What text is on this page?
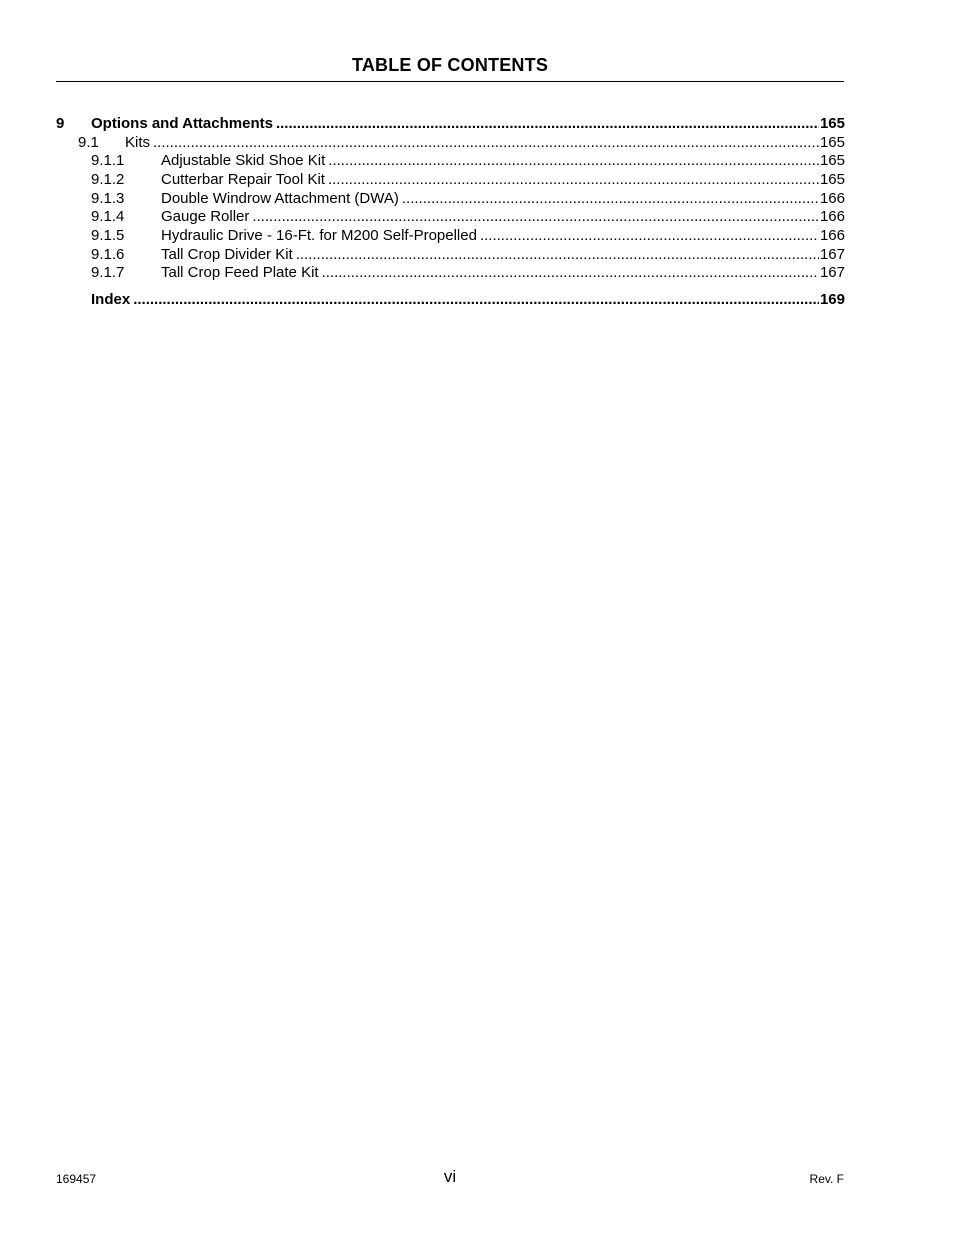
TABLE OF CONTENTS
9 Options and Attachments .....	165
9.1 Kits .....	165
9.1.1 Adjustable Skid Shoe Kit .....	165
9.1.2 Cutterbar Repair Tool Kit .....	165
9.1.3 Double Windrow Attachment (DWA) .....	166
9.1.4 Gauge Roller .....	166
9.1.5 Hydraulic Drive - 16-Ft. for M200 Self-Propelled .....	166
9.1.6 Tall Crop Divider Kit .....	167
9.1.7 Tall Crop Feed Plate Kit .....	167
Index .....	169
169457	vi	Rev. F
